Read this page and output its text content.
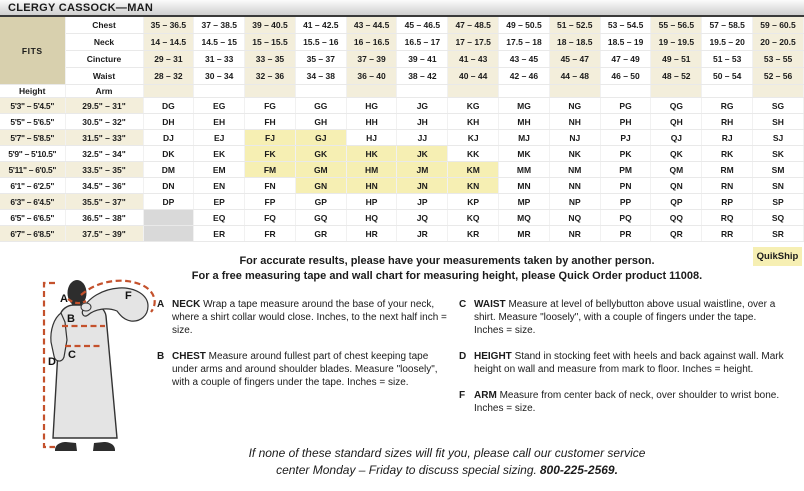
CLERGY CASSOCK—MAN
FITS	Chest	35 – 36.5	37 – 38.5	39 – 40.5	41 – 42.5	43 – 44.5	45 – 46.5	47 – 48.5	49 – 50.5	51 – 52.5	53 – 54.5	55 – 56.5	57 – 58.5	59 – 60.5
	Neck	14 – 14.5	14.5 – 15	15 – 15.5	15.5 – 16	16 – 16.5	16.5 – 17	17 – 17.5	17.5 – 18	18 – 18.5	18.5 – 19	19 – 19.5	19.5 – 20	20 – 20.5
	Cincture	29 – 31	31 – 33	33 – 35	35 – 37	37 – 39	39 – 41	41 – 43	43 – 45	45 – 47	47 – 49	49 – 51	51 – 53	53 – 55
	Waist	28 – 32	30 – 34	32 – 36	34 – 38	36 – 40	38 – 42	40 – 44	42 – 46	44 – 48	46 – 50	48 – 52	50 – 54	52 – 56
Height	Arm													
5'3" – 5'4.5"	29.5" – 31"	DG	EG	FG	GG	HG	JG	KG	MG	NG	PG	QG	RG	SG
5'5" – 5'6.5"	30.5" – 32"	DH	EH	FH	GH	HH	JH	KH	MH	NH	PH	QH	RH	SH
5'7" – 5'8.5"	31.5" – 33"	DJ	EJ	FJ	GJ	HJ	JJ	KJ	MJ	NJ	PJ	QJ	RJ	SJ
5'9" – 5'10.5"	32.5" – 34"	DK	EK	FK	GK	HK	JK	KK	MK	NK	PK	QK	RK	SK
5'11" – 6'0.5"	33.5" – 35"	DM	EM	FM	GM	HM	JM	KM	MM	NM	PM	QM	RM	SM
6'1" – 6'2.5"	34.5" – 36"	DN	EN	FN	GN	HN	JN	KN	MN	NN	PN	QN	RN	SN
6'3" – 6'4.5"	35.5" – 37"	DP	EP	FP	GP	HP	JP	KP	MP	NP	PP	QP	RP	SP
6'5" – 6'6.5"	36.5" – 38"		EQ	FQ	GQ	HQ	JQ	KQ	MQ	NQ	PQ	QQ	RQ	SQ
6'7" – 6'8.5"	37.5" – 39"		ER	FR	GR	HR	JR	KR	MR	NR	PR	QR	RR	SR
QuikShip
For accurate results, please have your measurements taken by another person.
For a free measuring tape and wall chart for measuring height, please Quick Order product 11008.
A
B
C
D
F
A NECK Wrap a tape measure around the base of your neck, where a shirt collar would close. Inches, to the next half inch = size.
B CHEST Measure around fullest part of chest keeping tape under arms and around shoulder blades. Measure "loosely", with a couple of fingers under the tape. Inches = size.
C WAIST Measure at level of bellybutton above usual waistline, over a shirt. Measure "loosely", with a couple of fingers under the tape. Inches = size.
D HEIGHT Stand in stocking feet with heels and back against wall. Mark height on wall and measure from mark to floor. Inches = height.
F ARM Measure from center back of neck, over shoulder to wrist bone. Inches = size.
If none of these standard sizes will fit you, please call our customer service
center Monday – Friday to discuss special sizing. 800-225-2569.
